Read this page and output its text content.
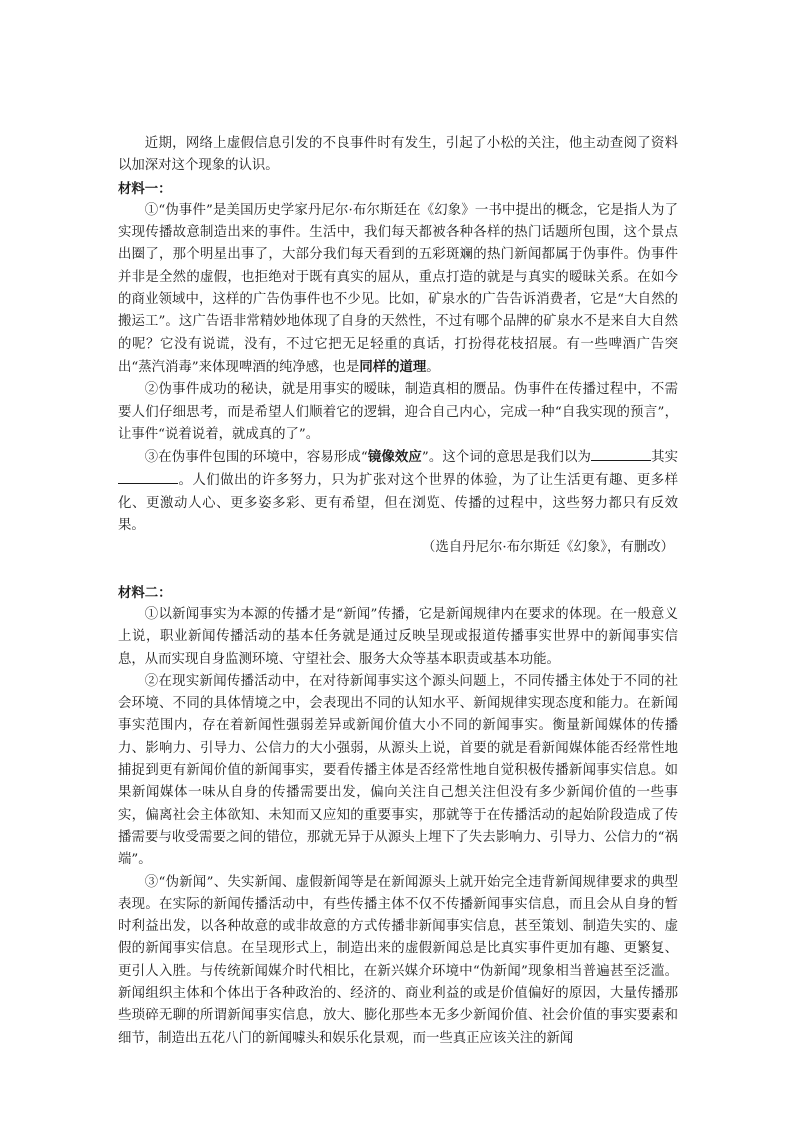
近期，网络上虚假信息引发的不良事件时有发生，引起了小松的关注，他主动查阅了资料以加深对这个现象的认识。

材料一：

①“伪事件”是美国历史学家丹尼尔·布尔斯廷在《幻象》一书中提出的概念，它是指人为了实现传播故意制造出来的事件。生活中，我们每天都被各种各样的热门话题所包围，这个景点出圈了，那个明星出事了，大部分我们每天看到的五彩斑斓的热门新闻都属于伪事件。伪事件并非是全然的虚假，也拒绝对于既有真实的屈从，重点打造的就是与真实的暧昧关系。在如今的商业领域中，这样的广告伪事件也不少见。比如，矿泉水的广告告诉消费者，它是“大自然的搬运工”。这广告语非常精妙地体现了自身的天然性，不过有哪个品牌的矿泉水不是来自大自然的呢？它没有说谎，没有，不过它把无足轻重的真话，打扮得花枝招展。有一些啤酒广告突出“蒸汽消毒”来体现啤酒的纯净感，也是同样的道理。

②伪事件成功的秘诀，就是用事实的暧昧，制造真相的赝品。伪事件在传播过程中，不需要人们仔细思考，而是希望人们顺着它的逻辑，迎合自己内心，完成一种“自我实现的预言”，让事件“说着说着，就成真的了”。

③在伪事件包围的环境中，容易形成“镜像效应”。这个词的意思是我们以为	其实。人们做出的许多努力，只为扩张对这个世界的体验，为了让生活更有趣、更多样化、更激动人心、更多姿多彩、更有希望，但在浏览、传播的过程中，这些努力都只有反效果。

（选自丹尼尔·布尔斯廷《幻象》，有删改）

材料二：

①以新闻事实为本源的传播才是“新闻”传播，它是新闻规律内在要求的体现。在一般意义上说，职业新闻传播活动的基本任务就是通过反映呈现或报道传播事实世界中的新闻事实信息，从而实现自身监测环境、守望社会、服务大众等基本职责或基本功能。

②在现实新闻传播活动中，在对待新闻事实这个源头问题上，不同传播主体处于不同的社会环境、不同的具体情境之中，会表现出不同的认知水平、新闻规律实现态度和能力。在新闻事实范围内，存在着新闻性强弱差异或新闻价值大小不同的新闻事实。衡量新闻媒体的传播力、影响力、引导力、公信力的大小强弱，从源头上说，首要的就是看新闻媒体能否经常性地捕捉到更有新闻价值的新闻事实，要看传播主体是否经常性地自觉积极传播新闻事实信息。如果新闻媒体一味从自身的传播需要出发，偏向关注自己想关注但没有多少新闻价值的一些事实，偏离社会主体欲知、未知而又应知的重要事实，那就等于在传播活动的起始阶段造成了传播需要与收受需要之间的错位，那就无异于从源头上埋下了失去影响力、引导力、公信力的“祸端”。

③“伪新闻”、失实新闻、虚假新闻等是在新闻源头上就开始完全违背新闻规律要求的典型表现。在实际的新闻传播活动中，有些传播主体不仅不传播新闻事实信息，而且会从自身的暂时利益出发，以各种故意的或非故意的方式传播非新闻事实信息，甚至策划、制造失实的、虚假的新闻事实信息。在呈现形式上，制造出来的虚假新闻总是比真实事件更加有趣、更繁复、更引人入胜。与传统新闻媒介时代相比，在新兴媒介环境中“伪新闻”现象相当普遍甚至泛滥。新闻组织主体和个体出于各种政治的、经济的、商业利益的或是价值偏好的原因，大量传播那些琐碎无聊的所谓新闻事实信息，放大、膨化那些本无多少新闻价值、社会价值的事实要素和细节，制造出五花八门的新闻噱头和娱乐化景观，而一些真正应该关注的新闻
